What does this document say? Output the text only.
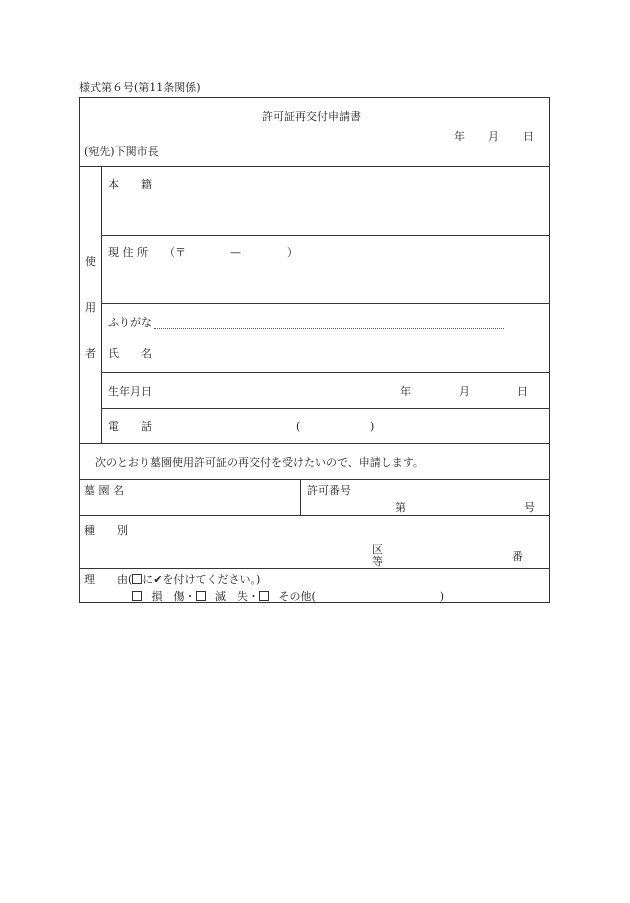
様式第６号(第11条関係)
許可証再交付申請書
年 月 日
(宛先)下関市長
使
用
者
本　　籍
現 住 所 （〒	—	）
ふりがな
氏　　名
生年月日	年	月	日
電　　話	(	)
次のとおり墓園使用許可証の再交付を受けたいので、申請します。
墓 園 名	許可番号
第	号
種　　別
区
等	番
理 由( に✔を付けてください。)
損　傷・ 滅　失・ その他(	)
